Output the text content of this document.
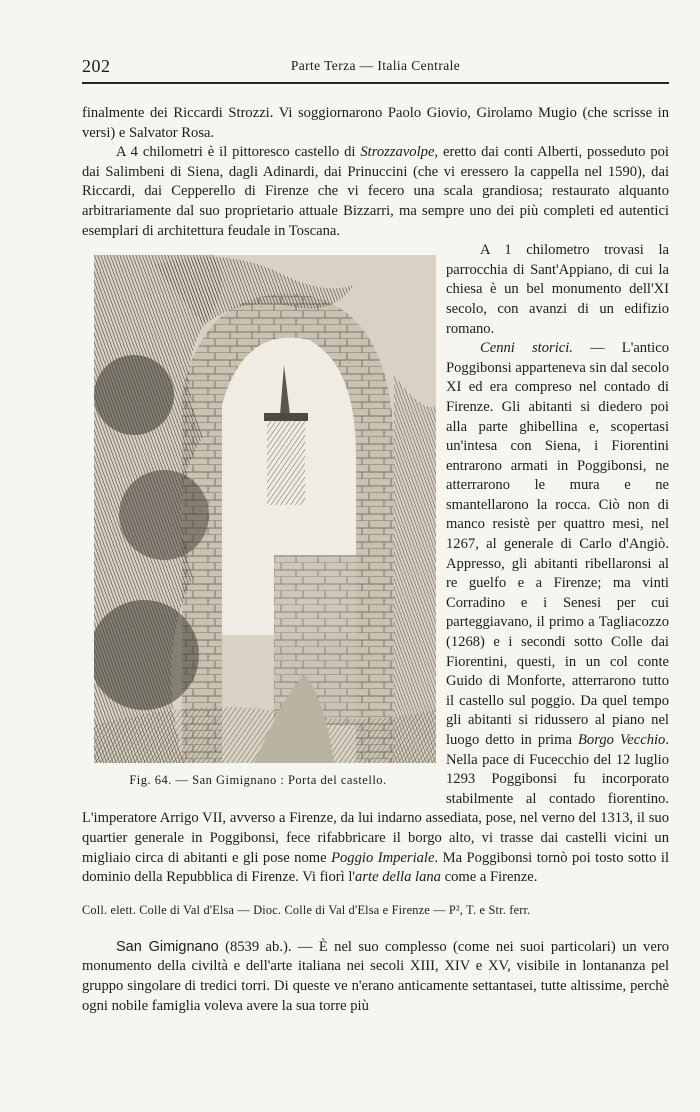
202	Parte Terza — Italia Centrale

finalmente dei Riccardi Strozzi. Vi soggiornarono Paolo Giovio, Girolamo Mugio (che scrisse in versi) e Salvator Rosa.

A 4 chilometri è il pittoresco castello di Strozzavolpe, eretto dai conti Alberti, posseduto poi dai Salimbeni di Siena, dagli Adinardi, dai Prinuccini (che vi eressero la cappella nel 1590), dai Riccardi, dai Cepperello di Firenze che vi fecero una scala grandiosa; restaurato alquanto arbitrariamente dal suo proprietario attuale Bizzarri, ma sempre uno dei più completi ed autentici esemplari di architettura feudale in Toscana.

Fig. 64. — San Gimignano : Porta del castello.

A 1 chilometro trovasi la parrocchia di Sant'Appiano, di cui la chiesa è un bel monumento dell'XI secolo, con avanzi di un edifizio romano.

Cenni storici. — L'antico Poggibonsi apparteneva sin dal secolo XI ed era compreso nel contado di Firenze. Gli abitanti si diedero poi alla parte ghibellina e, scopertasi un'intesa con Siena, i Fiorentini entrarono armati in Poggibonsi, ne atterrarono le mura e ne smantellarono la rocca. Ciò non di manco resistè per quattro mesi, nel 1267, al generale di Carlo d'Angiò. Appresso, gli abitanti ribellaronsi al re guelfo e a Firenze; ma vinti Corradino e i Senesi per cui parteggiavano, il primo a Tagliacozzo (1268) e i secondi sotto Colle dai Fiorentini, questi, in un col conte Guido di Monforte, atterrarono tutto il castello sul poggio. Da quel tempo gli abitanti si ridussero al piano nel luogo detto in prima Borgo Vecchio. Nella pace di Fucecchio del 12 luglio 1293 Poggibonsi fu incorporato stabilmente al contado fiorentino. L'imperatore Arrigo VII, avverso a Firenze, da lui indarno assediata, pose, nel verno del 1313, il suo quartier generale in Poggibonsi, fece rifabbricare il borgo alto, vi trasse dai castelli vicini un migliaio circa di abitanti e gli pose nome Poggio Imperiale. Ma Poggibonsi tornò poi tosto sotto il dominio della Repubblica di Firenze. Vi fiorì l'arte della lana come a Firenze.

Coll. elett. Colle di Val d'Elsa — Dioc. Colle di Val d'Elsa e Firenze — P², T. e Str. ferr.

San Gimignano (8539 ab.). — È nel suo complesso (come nei suoi particolari) un vero monumento della civiltà e dell'arte italiana nei secoli XIII, XIV e XV, visibile in lontananza pel gruppo singolare di tredici torri. Di queste ve n'erano anticamente settantasei, tutte altissime, perchè ogni nobile famiglia voleva avere la sua torre più
